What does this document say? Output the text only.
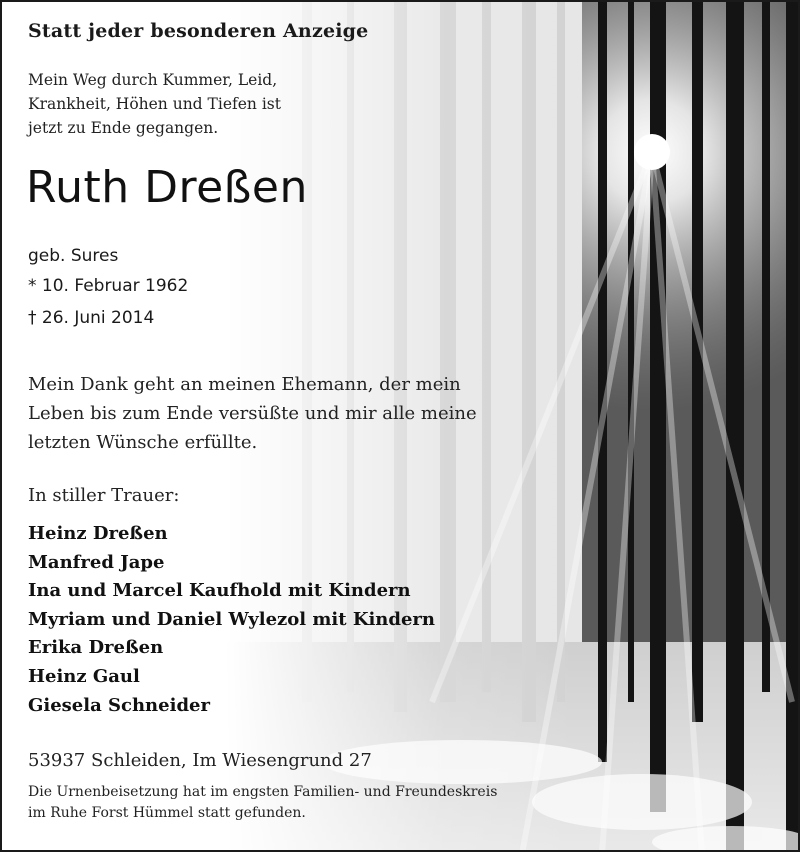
Statt jeder besonderen Anzeige
Mein Weg durch Kummer, Leid,
Krankheit, Höhen und Tiefen ist
jetzt zu Ende gegangen.
Ruth Dreßen
geb. Sures
* 10. Februar 1962
† 26. Juni 2014
Mein Dank geht an meinen Ehemann, der mein
Leben bis zum Ende versüßte und mir alle meine
letzten Wünsche erfüllte.
In stiller Trauer:
Heinz Dreßen
Manfred Jape
Ina und Marcel Kaufhold mit Kindern
Myriam und Daniel Wylezol mit Kindern
Erika Dreßen
Heinz Gaul
Giesela Schneider
53937 Schleiden, Im Wiesengrund 27
Die Urnenbeisetzung hat im engsten Familien- und Freundeskreis
im Ruhe Forst Hümmel statt gefunden.
